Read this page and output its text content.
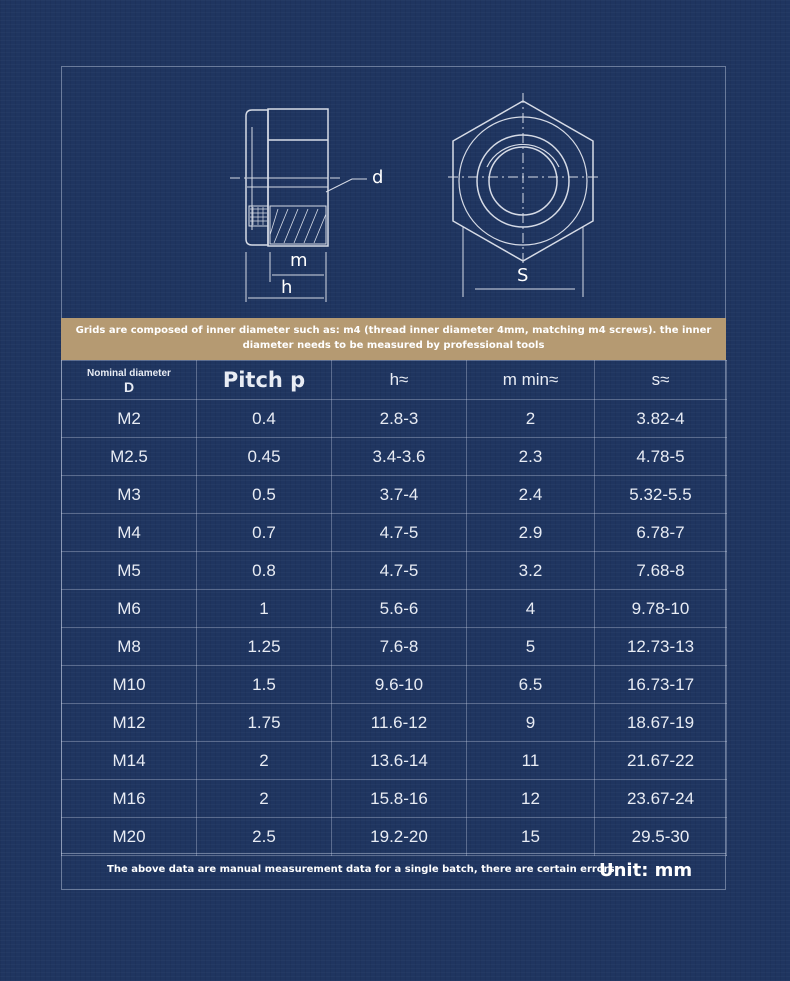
d
m
h
S
Grids are composed of inner diameter such as: m4 (thread inner diameter 4mm, matching m4 screws). the inner
diameter needs to be measured by professional tools
Nominal diameter
D	Pitch p	h≈	m min≈	s≈
M2	0.4	2.8-3	2	3.82-4
M2.5	0.45	3.4-3.6	2.3	4.78-5
M3	0.5	3.7-4	2.4	5.32-5.5
M4	0.7	4.7-5	2.9	6.78-7
M5	0.8	4.7-5	3.2	7.68-8
M6	1	5.6-6	4	9.78-10
M8	1.25	7.6-8	5	12.73-13
M10	1.5	9.6-10	6.5	16.73-17
M12	1.75	11.6-12	9	18.67-19
M14	2	13.6-14	11	21.67-22
M16	2	15.8-16	12	23.67-24
M20	2.5	19.2-20	15	29.5-30
The above data are manual measurement data for a single batch, there are certain errors
Unit: mm
